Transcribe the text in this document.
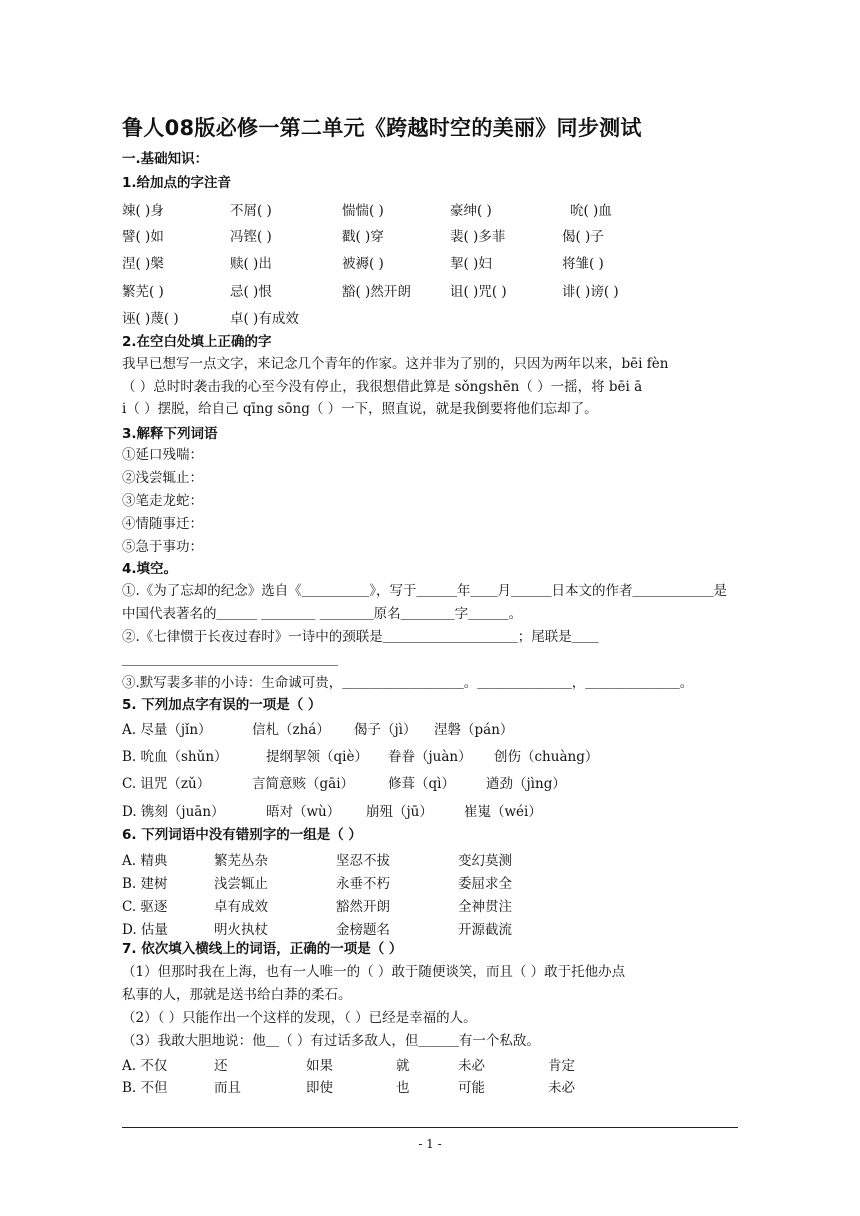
鲁人08版必修一第二单元《跨越时空的美丽》同步测试
一.基础知识：
1.给加点的字注音
竦( )身	不屑( )	惴惴( )	豪绅( )	吮( )血
譬( )如	冯铿( )	戳( )穿	裴( )多菲	偈( )子
涅( )槃	赎( )出	被褥( )	挈( )妇	将雏( )
繁芜( )	忌( )恨	豁( )然开朗	诅( )咒( )	诽( )谤( )
诬( )蔑( )	卓( )有成效
2.在空白处填上正确的字
我早已想写一点文字，来记念几个青年的作家。这并非为了别的，只因为两年以来，bēi fèn
（ ）总时时袭击我的心至今没有停止，我很想借此算是 sǒngshēn（ ）一摇，将 bēi ā
i（ ）摆脱，给自己 qīng sōng（ ）一下，照直说，就是我倒要将他们忘却了。
3.解释下列词语
①延口残喘：
②浅尝辄止：
③笔走龙蛇：
④情随事迁：
⑤急于事功：
4.填空。
①.《为了忘却的纪念》选自《＿＿＿＿＿》，写于＿＿＿年＿＿月＿＿＿日本文的作者＿＿＿＿＿＿是
中国代表著名的＿＿＿ ＿＿＿＿ ＿＿＿＿原名＿＿＿＿字＿＿＿。
②.《七律惯于长夜过春时》一诗中的颈联是＿＿＿＿＿＿＿＿＿＿；尾联是＿＿
＿＿＿＿＿＿＿＿＿＿＿＿＿＿＿＿
③.默写裴多菲的小诗：生命诚可贵，＿＿＿＿＿＿＿＿＿。＿＿＿＿＿＿＿，＿＿＿＿＿＿＿。
5. 下列加点字有误的一项是（ ）
A. 尽量（jǐn）	信札（zhá） 偈子（jì） 涅磐（pán）
B. 吮血（shǔn）	提纲挈领（qiè） 眷眷（juàn） 创伤（chuàng）
C. 诅咒（zǔ）	言简意赅（gāi）	修葺（qì） 遒劲（jìng）
D. 镌刻（juān）	晤对（wù） 崩殂（jū） 崔嵬（wéi）
6. 下列词语中没有错别字的一组是（ ）
A. 精典	繁芜丛杂	坚忍不拔	变幻莫测
B. 建树	浅尝辄止	永垂不朽	委屈求全
C. 驱逐	卓有成效	豁然开朗	全神贯注
D. 估量	明火执杖	金榜题名	开源截流
7. 依次填入横线上的词语，正确的一项是（ ）
（1）但那时我在上海，也有一人唯一的（ ）敢于随便谈笑，而且（ ）敢于托他办点
私事的人，那就是送书给白莽的柔石。
（2）（ ）只能作出一个这样的发现，（ ）已经是幸福的人。
（3）我敢大胆地说：他＿（ ）有过话多敌人，但＿＿＿有一个私敌。
A. 不仅	还	如果	就	未必	肯定
B. 不但	而且	即使	也	可能	未必
- 1 -
